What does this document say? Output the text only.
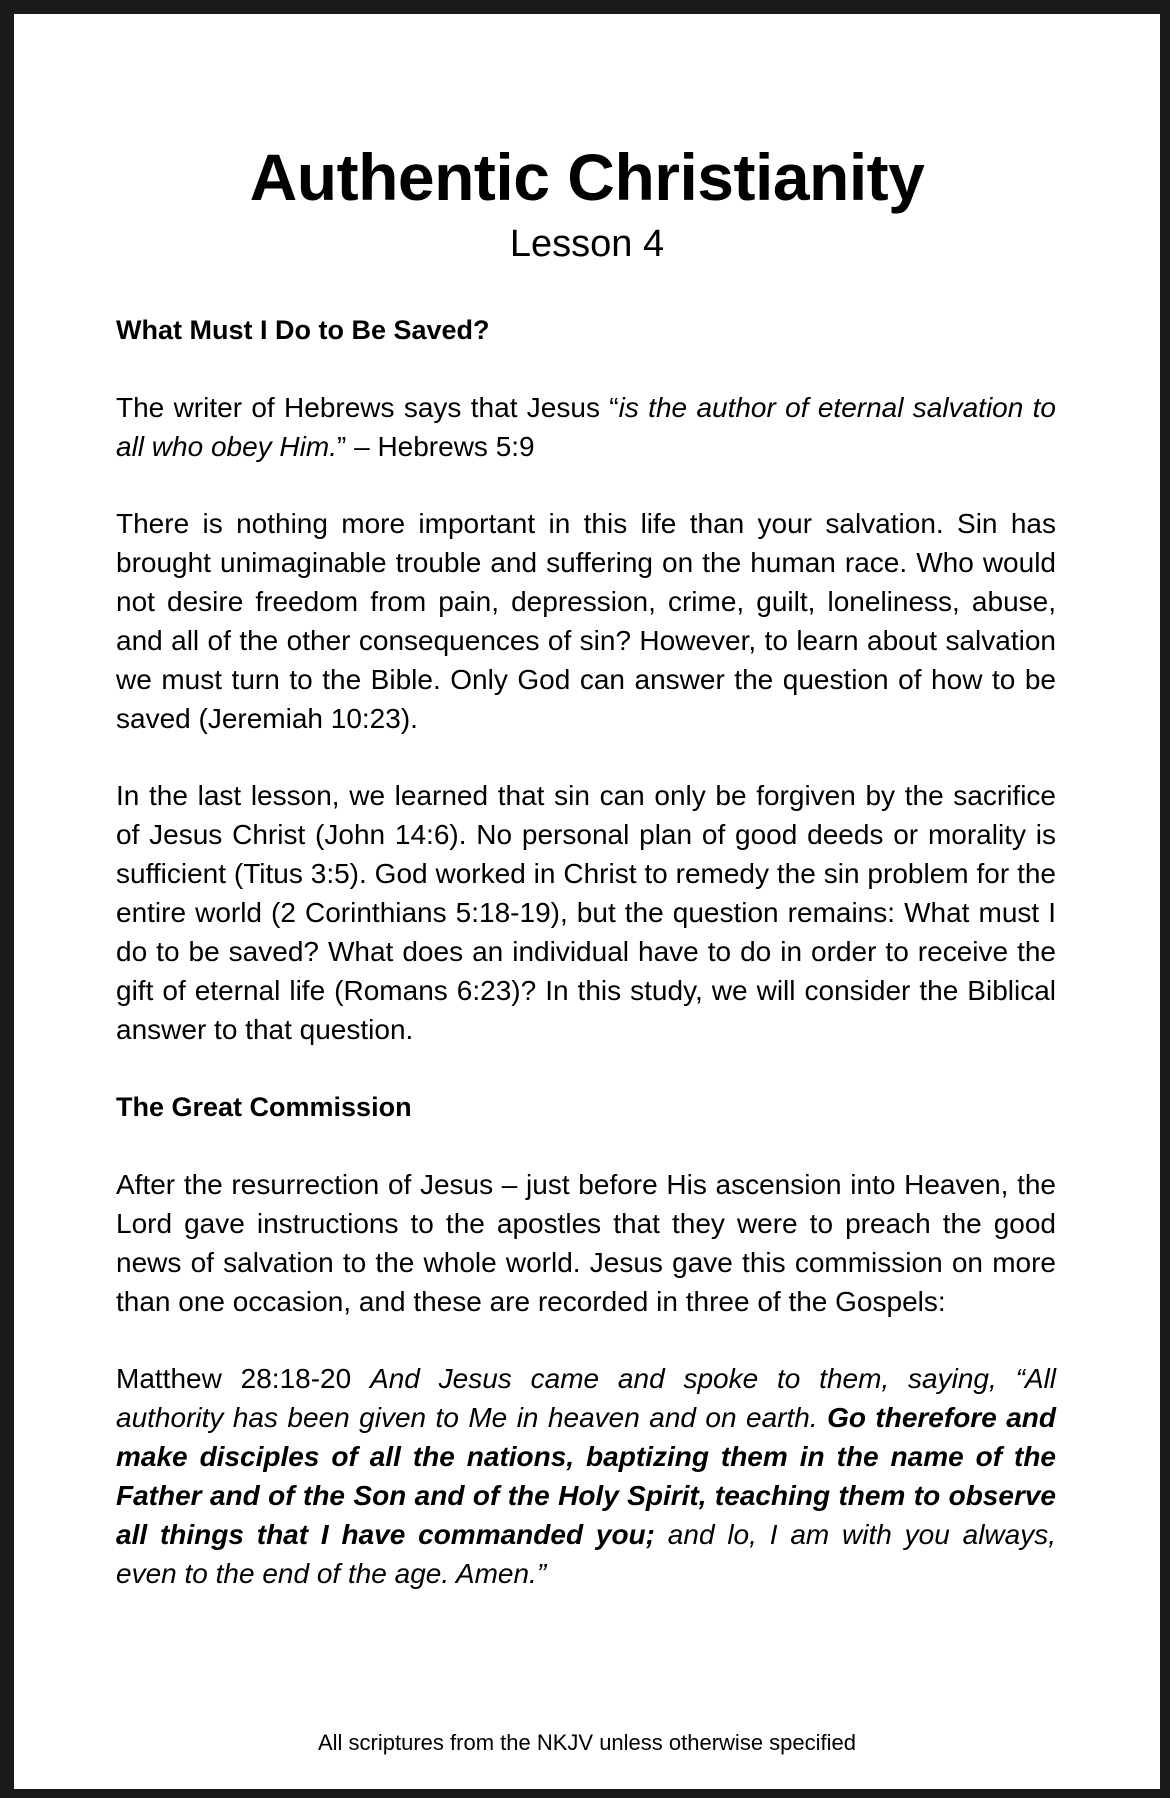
Authentic Christianity
Lesson 4
What Must I Do to Be Saved?

The writer of Hebrews says that Jesus “is the author of eternal salvation to all who obey Him.” – Hebrews 5:9

There is nothing more important in this life than your salvation. Sin has brought unimaginable trouble and suffering on the human race. Who would not desire freedom from pain, depression, crime, guilt, loneliness, abuse, and all of the other consequences of sin? However, to learn about salvation we must turn to the Bible. Only God can answer the question of how to be saved (Jeremiah 10:23).

In the last lesson, we learned that sin can only be forgiven by the sacrifice of Jesus Christ (John 14:6). No personal plan of good deeds or morality is sufficient (Titus 3:5). God worked in Christ to remedy the sin problem for the entire world (2 Corinthians 5:18-19), but the question remains: What must I do to be saved? What does an individual have to do in order to receive the gift of eternal life (Romans 6:23)? In this study, we will consider the Biblical answer to that question.

The Great Commission

After the resurrection of Jesus – just before His ascension into Heaven, the Lord gave instructions to the apostles that they were to preach the good news of salvation to the whole world. Jesus gave this commission on more than one occasion, and these are recorded in three of the Gospels:

Matthew 28:18-20 And Jesus came and spoke to them, saying, “All authority has been given to Me in heaven and on earth. Go therefore and make disciples of all the nations, baptizing them in the name of the Father and of the Son and of the Holy Spirit, teaching them to observe all things that I have commanded you; and lo, I am with you always, even to the end of the age. Amen.”

All scriptures from the NKJV unless otherwise specified
